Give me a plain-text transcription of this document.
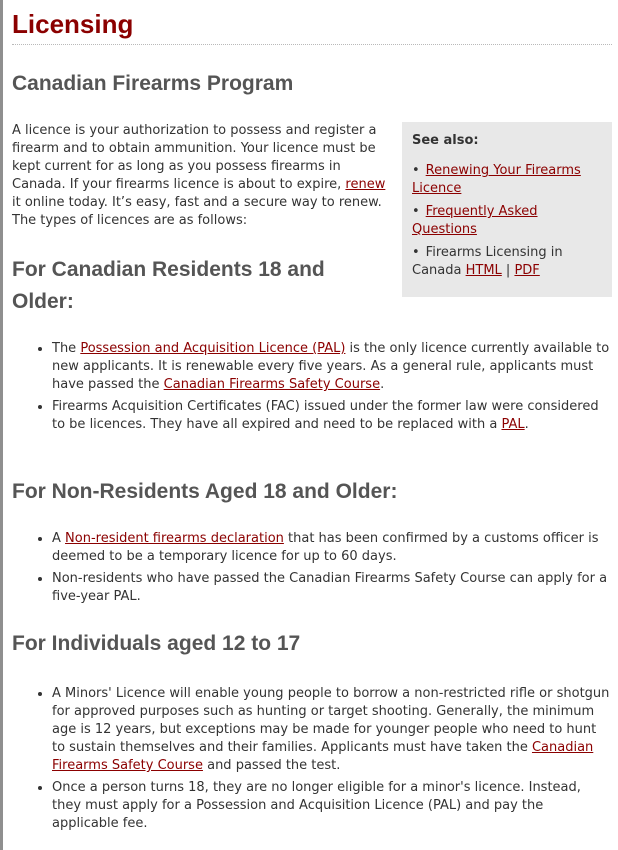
Licensing
Canadian Firearms Program

A licence is your authorization to possess and register a firearm and to obtain ammunition. Your licence must be kept current for as long as you possess firearms in Canada. If your firearms licence is about to expire, renew it online today. It’s easy, fast and a secure way to renew. The types of licences are as follows:

See also:
• Renewing Your Firearms Licence
• Frequently Asked Questions
• Firearms Licensing in Canada HTML | PDF
For Canadian Residents 18 and Older:
• The Possession and Acquisition Licence (PAL) is the only licence currently available to new applicants. It is renewable every five years. As a general rule, applicants must have passed the Canadian Firearms Safety Course.
• Firearms Acquisition Certificates (FAC) issued under the former law were considered to be licences. They have all expired and need to be replaced with a PAL.
For Non-Residents Aged 18 and Older:
• A Non-resident firearms declaration that has been confirmed by a customs officer is deemed to be a temporary licence for up to 60 days.
• Non-residents who have passed the Canadian Firearms Safety Course can apply for a five-year PAL.
For Individuals aged 12 to 17
• A Minors' Licence will enable young people to borrow a non-restricted rifle or shotgun for approved purposes such as hunting or target shooting. Generally, the minimum age is 12 years, but exceptions may be made for younger people who need to hunt to sustain themselves and their families. Applicants must have taken the Canadian Firearms Safety Course and passed the test.
• Once a person turns 18, they are no longer eligible for a minor's licence. Instead, they must apply for a Possession and Acquisition Licence (PAL) and pay the applicable fee.
